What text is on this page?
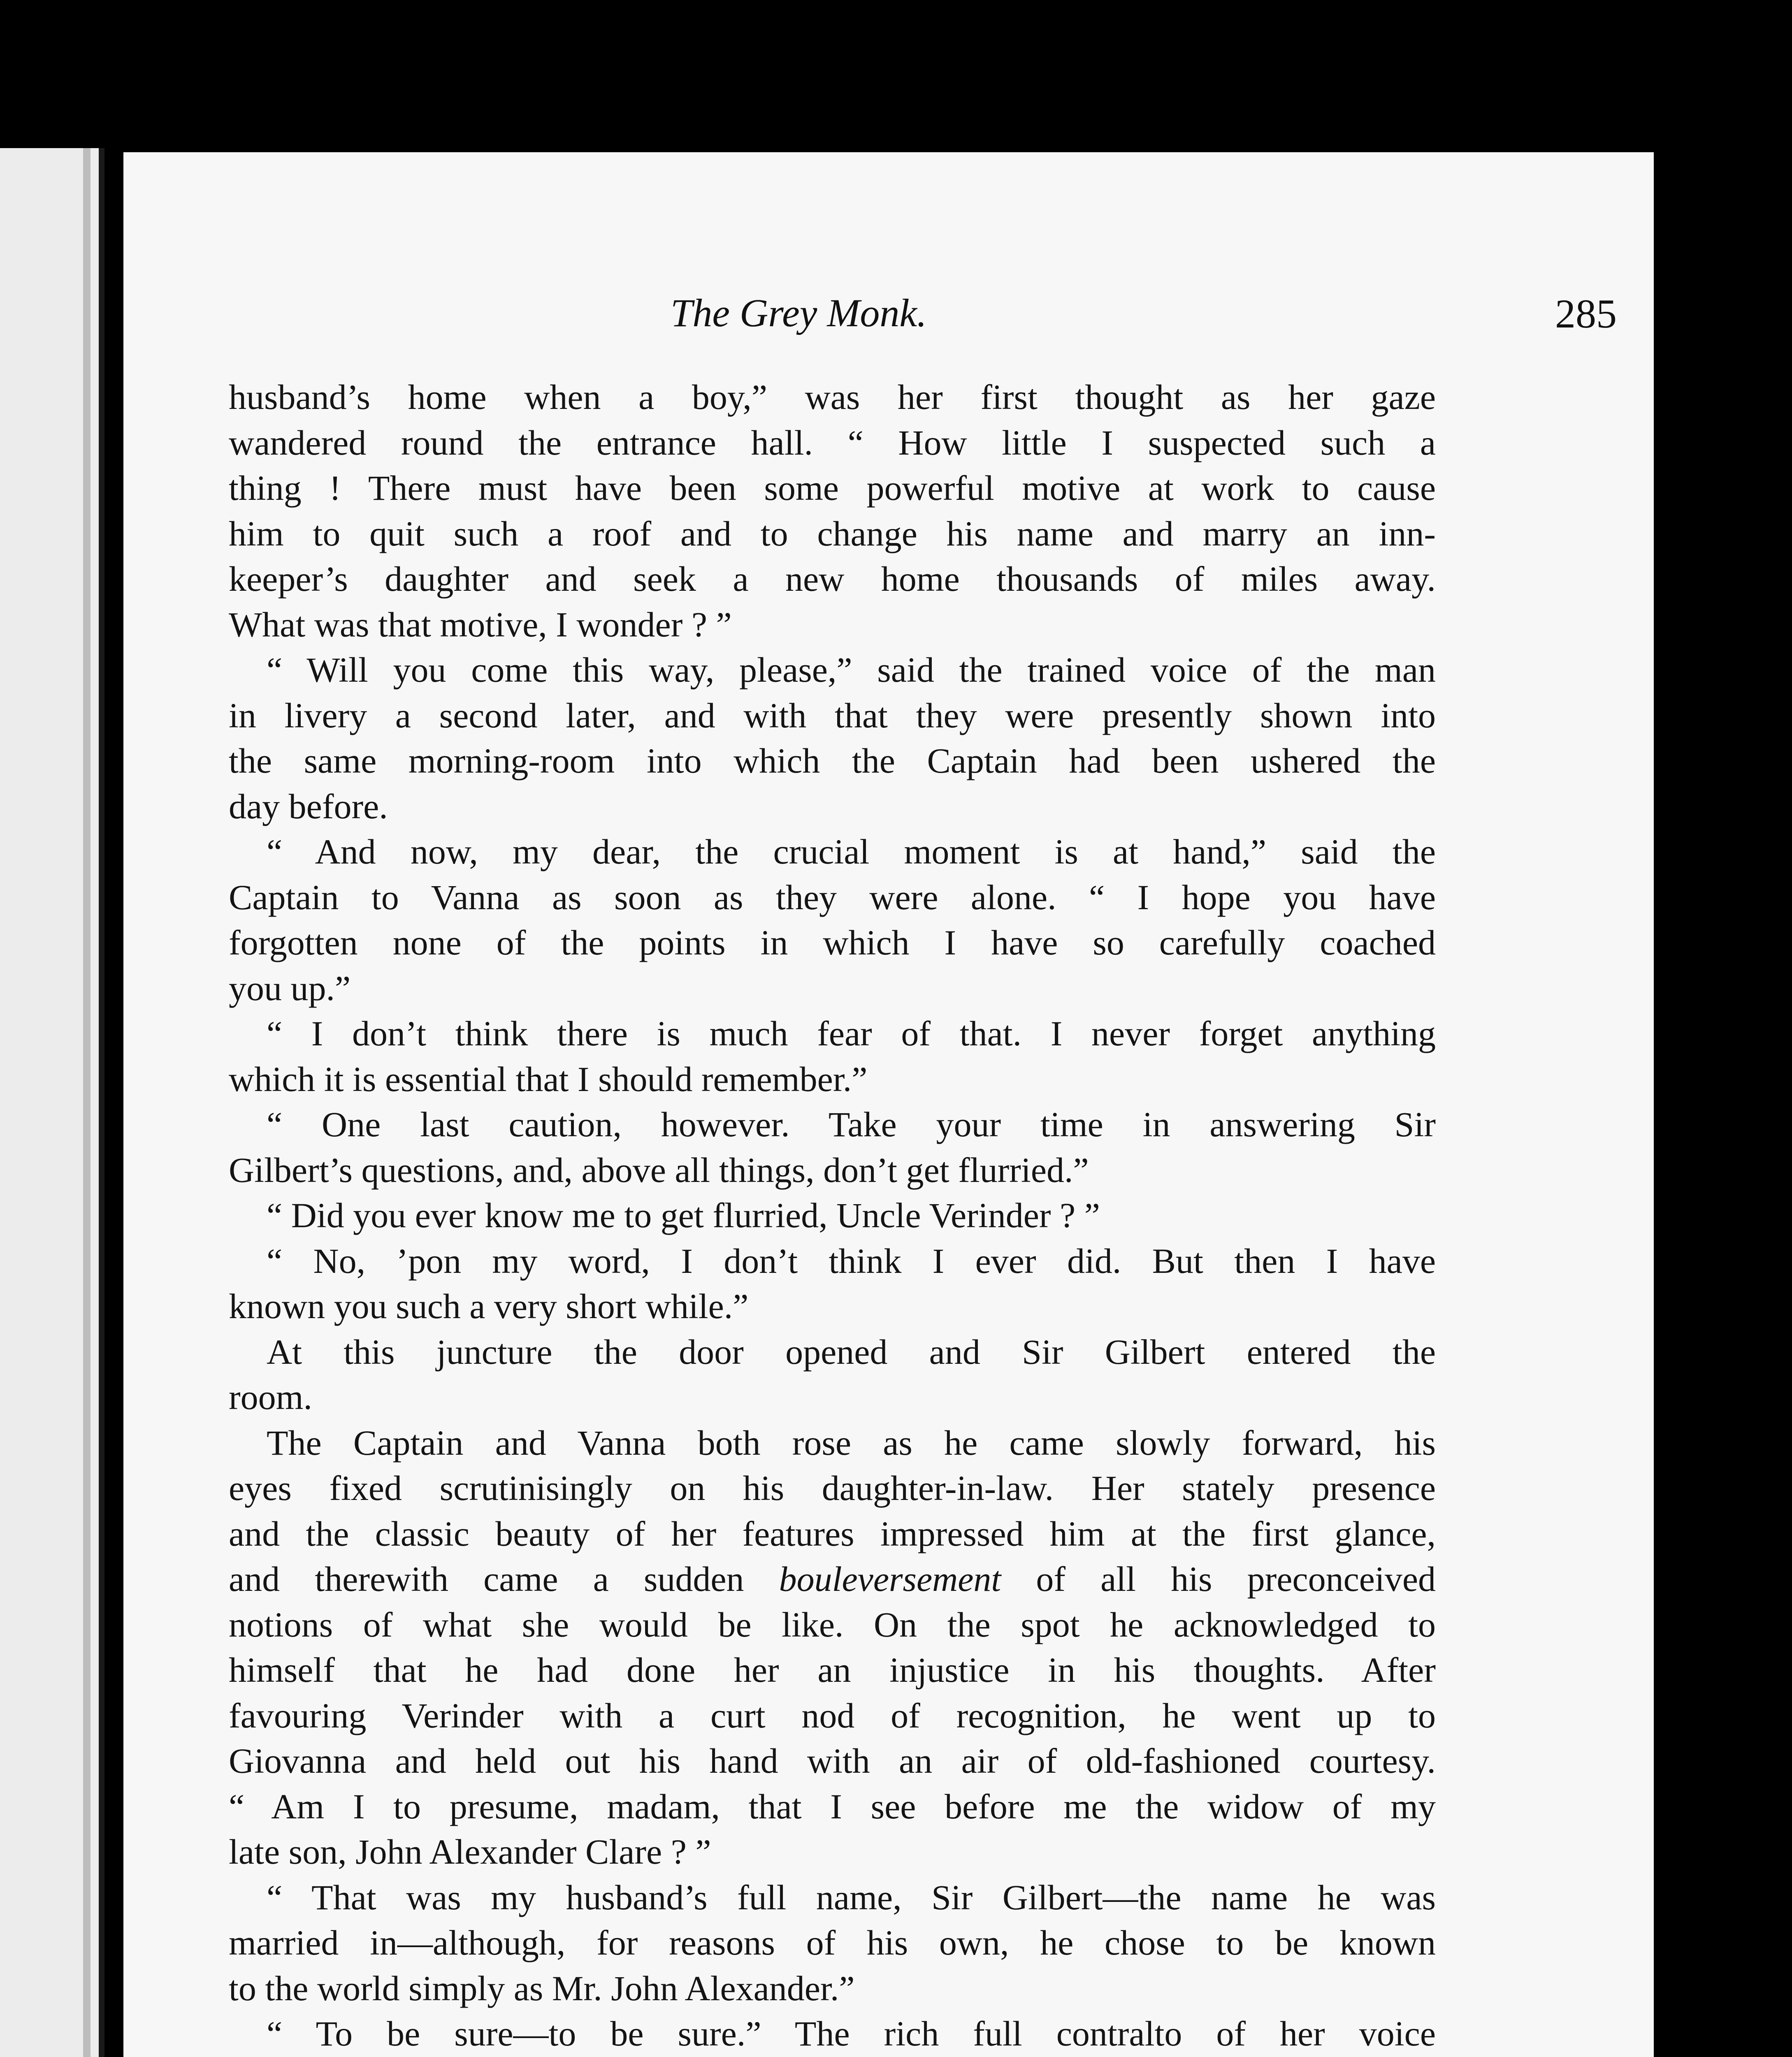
The Grey Monk.	285
husband’s home when a boy,” was her first thought as her gaze
wandered round the entrance hall. “ How little I suspected such a
thing ! There must have been some powerful motive at work to cause
him to quit such a roof and to change his name and marry an inn-
keeper’s daughter and seek a new home thousands of miles away.
What was that motive, I wonder ? ”
“ Will you come this way, please,” said the trained voice of the man
in livery a second later, and with that they were presently shown into
the same morning-room into which the Captain had been ushered the
day before.
“ And now, my dear, the crucial moment is at hand,” said the
Captain to Vanna as soon as they were alone. “ I hope you have
forgotten none of the points in which I have so carefully coached
you up.”
“ I don’t think there is much fear of that. I never forget anything
which it is essential that I should remember.”
“ One last caution, however. Take your time in answering Sir
Gilbert’s questions, and, above all things, don’t get flurried.”
“ Did you ever know me to get flurried, Uncle Verinder ? ”
“ No, ’pon my word, I don’t think I ever did. But then I have
known you such a very short while.”
At this juncture the door opened and Sir Gilbert entered the
room.
The Captain and Vanna both rose as he came slowly forward, his
eyes fixed scrutinisingly on his daughter-in-law. Her stately presence
and the classic beauty of her features impressed him at the first glance,
and therewith came a sudden bouleversement of all his preconceived
notions of what she would be like. On the spot he acknowledged to
himself that he had done her an injustice in his thoughts. After
favouring Verinder with a curt nod of recognition, he went up to
Giovanna and held out his hand with an air of old-fashioned courtesy.
“ Am I to presume, madam, that I see before me the widow of my
late son, John Alexander Clare ? ”
“ That was my husband’s full name, Sir Gilbert—the name he was
married in—although, for reasons of his own, he chose to be known
to the world simply as Mr. John Alexander.”
“ To be sure—to be sure.” The rich full contralto of her voice
